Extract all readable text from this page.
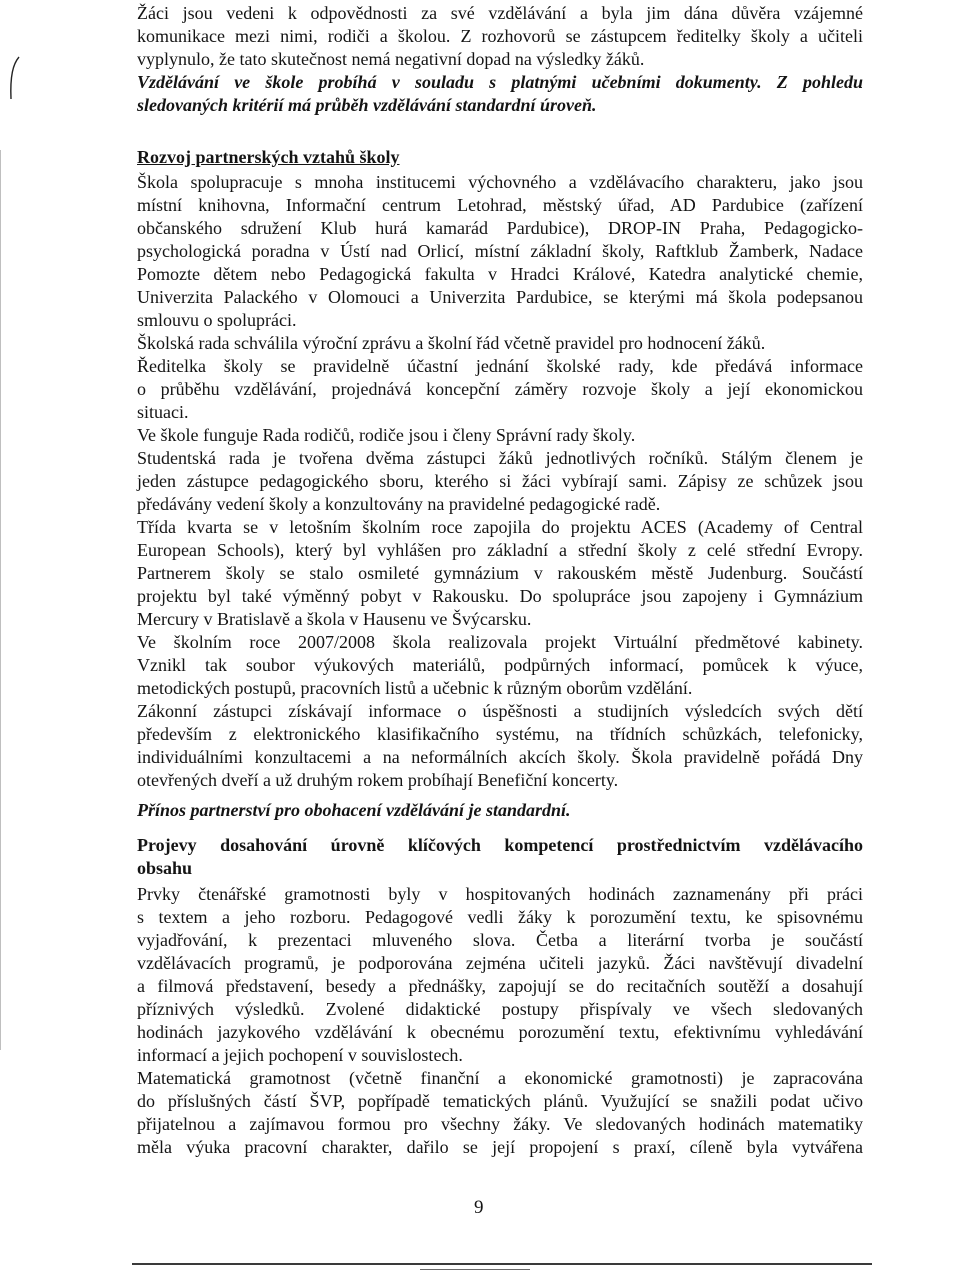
Žáci jsou vedeni k odpovědnosti za své vzdělávání a byla jim dána důvěra vzájemné
komunikace mezi nimi, rodiči a školou. Z rozhovorů se zástupcem ředitelky školy a učiteli
vyplynulo, že tato skutečnost nemá negativní dopad na výsledky žáků.
Vzdělávání ve škole probíhá v souladu s platnými učebními dokumenty. Z pohledu
sledovaných kritérií má průběh vzdělávání standardní úroveň.
Rozvoj partnerských vztahů školy
Škola spolupracuje s mnoha institucemi výchovného a vzdělávacího charakteru, jako jsou
místní knihovna, Informační centrum Letohrad, městský úřad, AD Pardubice (zařízení
občanského sdružení Klub hurá kamarád Pardubice), DROP-IN Praha, Pedagogicko-
psychologická poradna v Ústí nad Orlicí, místní základní školy, Raftklub Žamberk, Nadace
Pomozte dětem nebo Pedagogická fakulta v Hradci Králové, Katedra analytické chemie,
Univerzita Palackého v Olomouci a Univerzita Pardubice, se kterými má škola podepsanou
smlouvu o spolupráci.
Školská rada schválila výroční zprávu a školní řád včetně pravidel pro hodnocení žáků.
Ředitelka školy se pravidelně účastní jednání školské rady, kde předává informace
o průběhu vzdělávání, projednává koncepční záměry rozvoje školy a její ekonomickou
situaci.
Ve škole funguje Rada rodičů, rodiče jsou i členy Správní rady školy.
Studentská rada je tvořena dvěma zástupci žáků jednotlivých ročníků. Stálým členem je
jeden zástupce pedagogického sboru, kterého si žáci vybírají sami. Zápisy ze schůzek jsou
předávány vedení školy a konzultovány na pravidelné pedagogické radě.
Třída kvarta se v letošním školním roce zapojila do projektu ACES (Academy of Central
European Schools), který byl vyhlášen pro základní a střední školy z celé střední Evropy.
Partnerem školy se stalo osmileté gymnázium v rakouském městě Judenburg. Součástí
projektu byl také výměnný pobyt v Rakousku. Do spolupráce jsou zapojeny i Gymnázium
Mercury v Bratislavě a škola v Hausenu ve Švýcarsku.
Ve školním roce 2007/2008 škola realizovala projekt Virtuální předmětové kabinety.
Vznikl tak soubor výukových materiálů, podpůrných informací, pomůcek k výuce,
metodických postupů, pracovních listů a učebnic k různým oborům vzdělání.
Zákonní zástupci získávají informace o úspěšnosti a studijních výsledcích svých dětí
především z elektronického klasifikačního systému, na třídních schůzkách, telefonicky,
individuálními konzultacemi a na neformálních akcích školy. Škola pravidelně pořádá Dny
otevřených dveří a už druhým rokem probíhají Benefiční koncerty.
Přínos partnerství pro obohacení vzdělávání je standardní.
Projevy dosahování úrovně klíčových kompetencí prostřednictvím vzdělávacího
obsahu
Prvky čtenářské gramotnosti byly v hospitovaných hodinách zaznamenány při práci
s textem a jeho rozboru. Pedagogové vedli žáky k porozumění textu, ke spisovnému
vyjadřování, k prezentaci mluveného slova. Četba a literární tvorba je součástí
vzdělávacích programů, je podporována zejména učiteli jazyků. Žáci navštěvují divadelní
a filmová představení, besedy a přednášky, zapojují se do recitačních soutěží a dosahují
příznivých výsledků. Zvolené didaktické postupy přispívaly ve všech sledovaných
hodinách jazykového vzdělávání k obecnému porozumění textu, efektivnímu vyhledávání
informací a jejich pochopení v souvislostech.
Matematická gramotnost (včetně finanční a ekonomické gramotnosti) je zapracována
do příslušných částí ŠVP, popřípadě tematických plánů. Využující se snažili podat učivo
přijatelnou a zajímavou formou pro všechny žáky. Ve sledovaných hodinách matematiky
měla výuka pracovní charakter, dařilo se její propojení s praxí, cíleně byla vytvářena
9
